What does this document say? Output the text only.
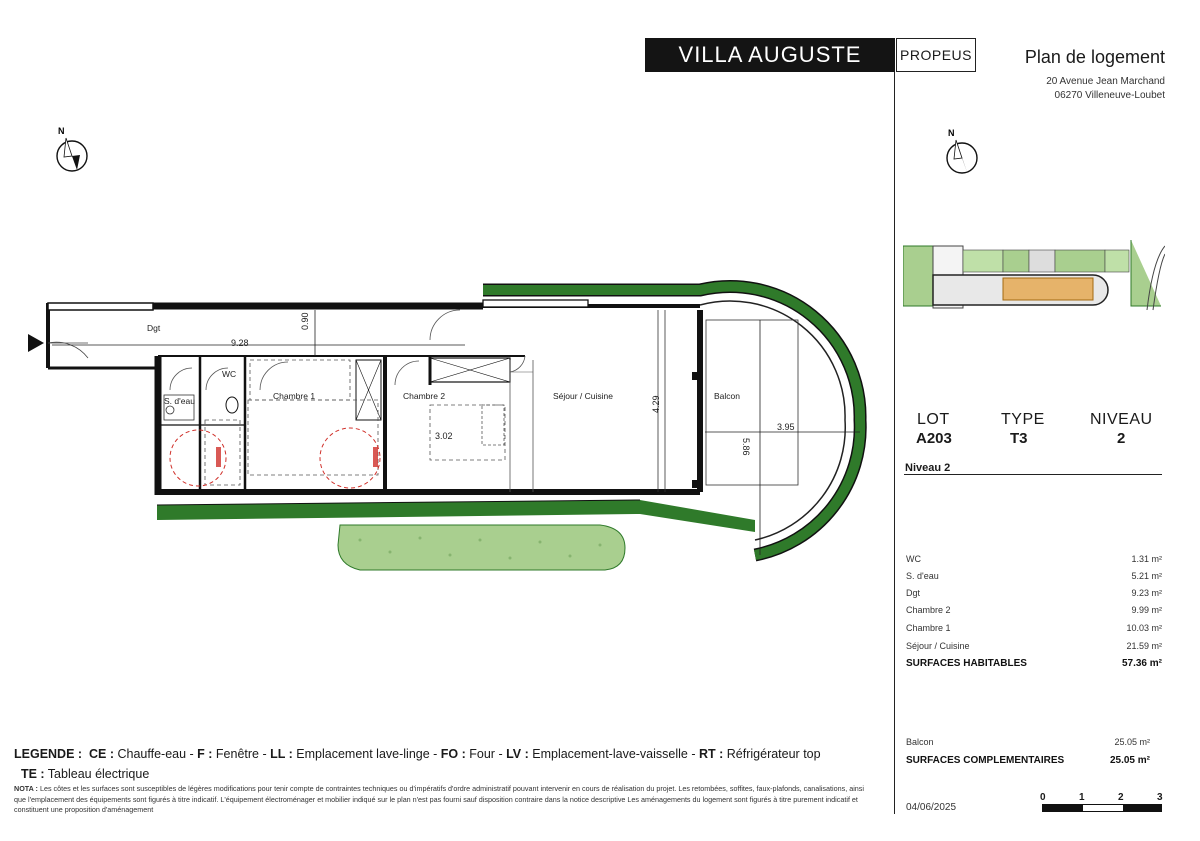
VILLA AUGUSTE	PROPEUS	Plan de logement
20 Avenue Jean Marchand
06270 Villeneuve-Loubet
N	N
LOT
A203
TYPE
T3
NIVEAU
2
Niveau 2
WC	1.31 m²
S. d'eau	5.21 m²
Dgt	9.23 m²
Chambre 2	9.99 m²
Chambre 1	10.03 m²
Séjour / Cuisine	21.59 m²
SURFACES HABITABLES	57.36 m²
Balcon	25.05 m²
SURFACES COMPLEMENTAIRES	25.05 m²
Dgt
WC
S. d'eau	Chambre 1	Chambre 2	Séjour / Cuisine	Balcon
9.28
0.90
3.02
4.29
5.86
3.95
LEGENDE : CE : Chauffe-eau - F : Fenêtre - LL : Emplacement lave-linge - FO : Four - LV : Emplacement-lave-vaisselle - RT : Réfrigérateur top
TE : Tableau électrique
NOTA : Les côtes et les surfaces sont susceptibles de légères modifications pour tenir compte de contraintes techniques ou d'impératifs d'ordre administratif pouvant intervenir en cours de réalisation du projet. Les retombées, soffites, faux-plafonds, canalisations, ainsi que l'emplacement des équipements sont figurés à titre indicatif. L'équipement électroménager et mobilier indiqué sur le plan n'est pas fourni sauf disposition contraire dans la notice descriptive Les aménagements du logement sont figurés à titre purement indicatif et constituent une proposition d'aménagement	04/06/2025
0	1	2	3
